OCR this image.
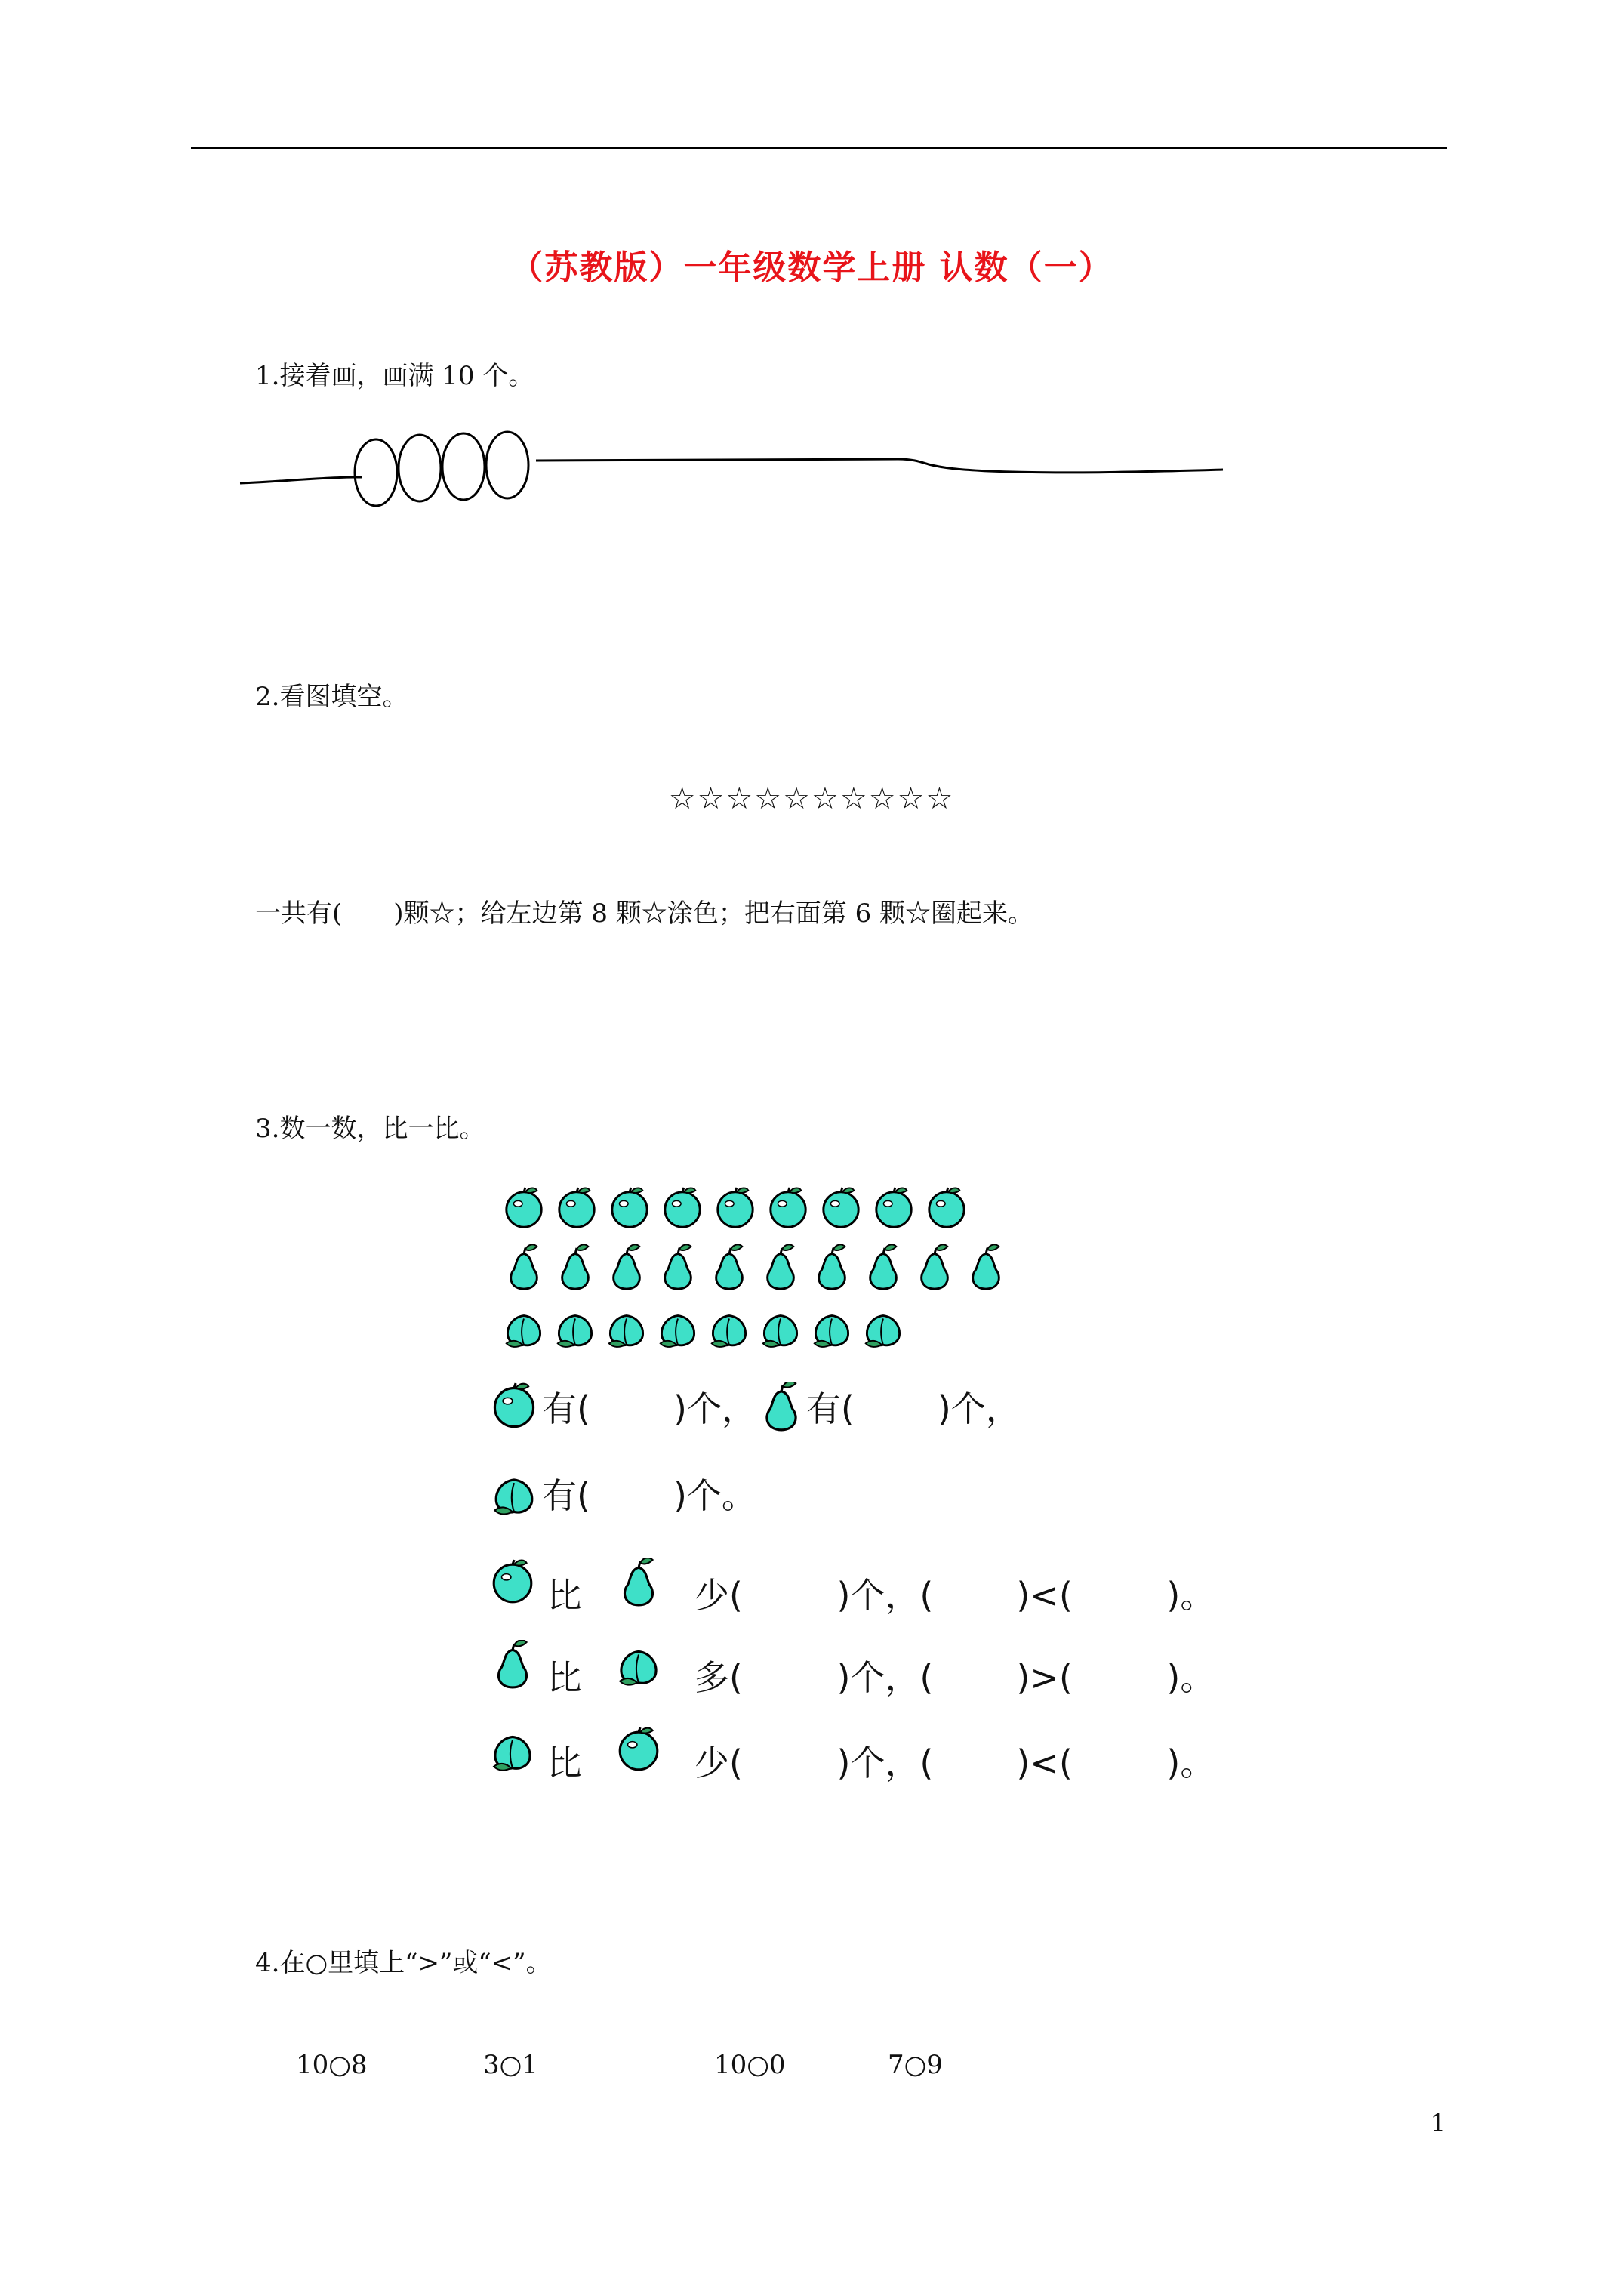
（苏教版）一年级数学上册 认数（一）
1.接着画，画满 10 个。
2.看图填空。
☆☆☆☆☆☆☆☆☆☆
一共有(　　)颗☆；给左边第 8 颗☆涂色；把右面第 6 颗☆圈起来。
3.数一数，比一比。
有( )个， 有( )个，
有( )个。
比	少(	)个，( )<(	)。
比	多(	)个，( )>(	)。
比	少(	)个，( )<(	)。
4.在○里填上“>”或“<”。
10○8	3○1	10○0	7○9
1
